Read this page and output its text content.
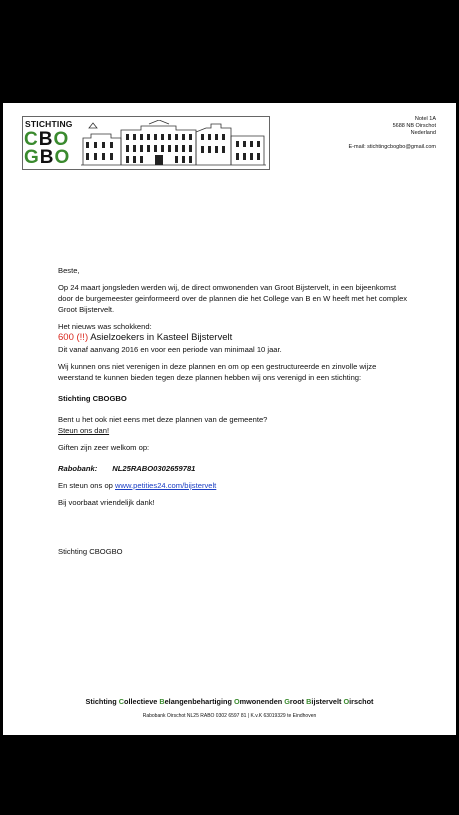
STICHTING
CBO
GBO
Notel 1A
5688 NB Oirschot
Nederland
E-mail: stichtingcbogbo@gmail.com

Beste,

Op 24 maart jongsleden werden wij, de direct omwonenden van Groot Bijstervelt, in een bijeenkomst door de burgemeester geinformeerd over de plannen die het College van B en W heeft met het complex Groot Bijstervelt.

Het nieuws was schokkend:

600 (!!) Asielzoekers in Kasteel Bijstervelt

Dit vanaf aanvang 2016 en voor een periode van minimaal 10 jaar.

Wij kunnen ons niet verenigen in deze plannen en om op een gestructureerde en zinvolle wijze weerstand te kunnen bieden tegen deze plannen hebben wij ons verenigd in een stichting:

Stichting CBOGBO

Bent u het ook niet eens met deze plannen van de gemeente?

Steun ons dan!

Giften zijn zeer welkom op:

Rabobank: NL25RABO0302659781

En steun ons op www.petities24.com/bijstervelt

Bij voorbaat vriendelijk dank!

Stichting CBOGBO

Stichting Collectieve Belangenbehartiging Omwonenden Groot Bijstervelt Oirschot
Rabobank Oirschot NL25 RABO 0302 6597 81 | K.v.K 63019329 te Eindhoven
